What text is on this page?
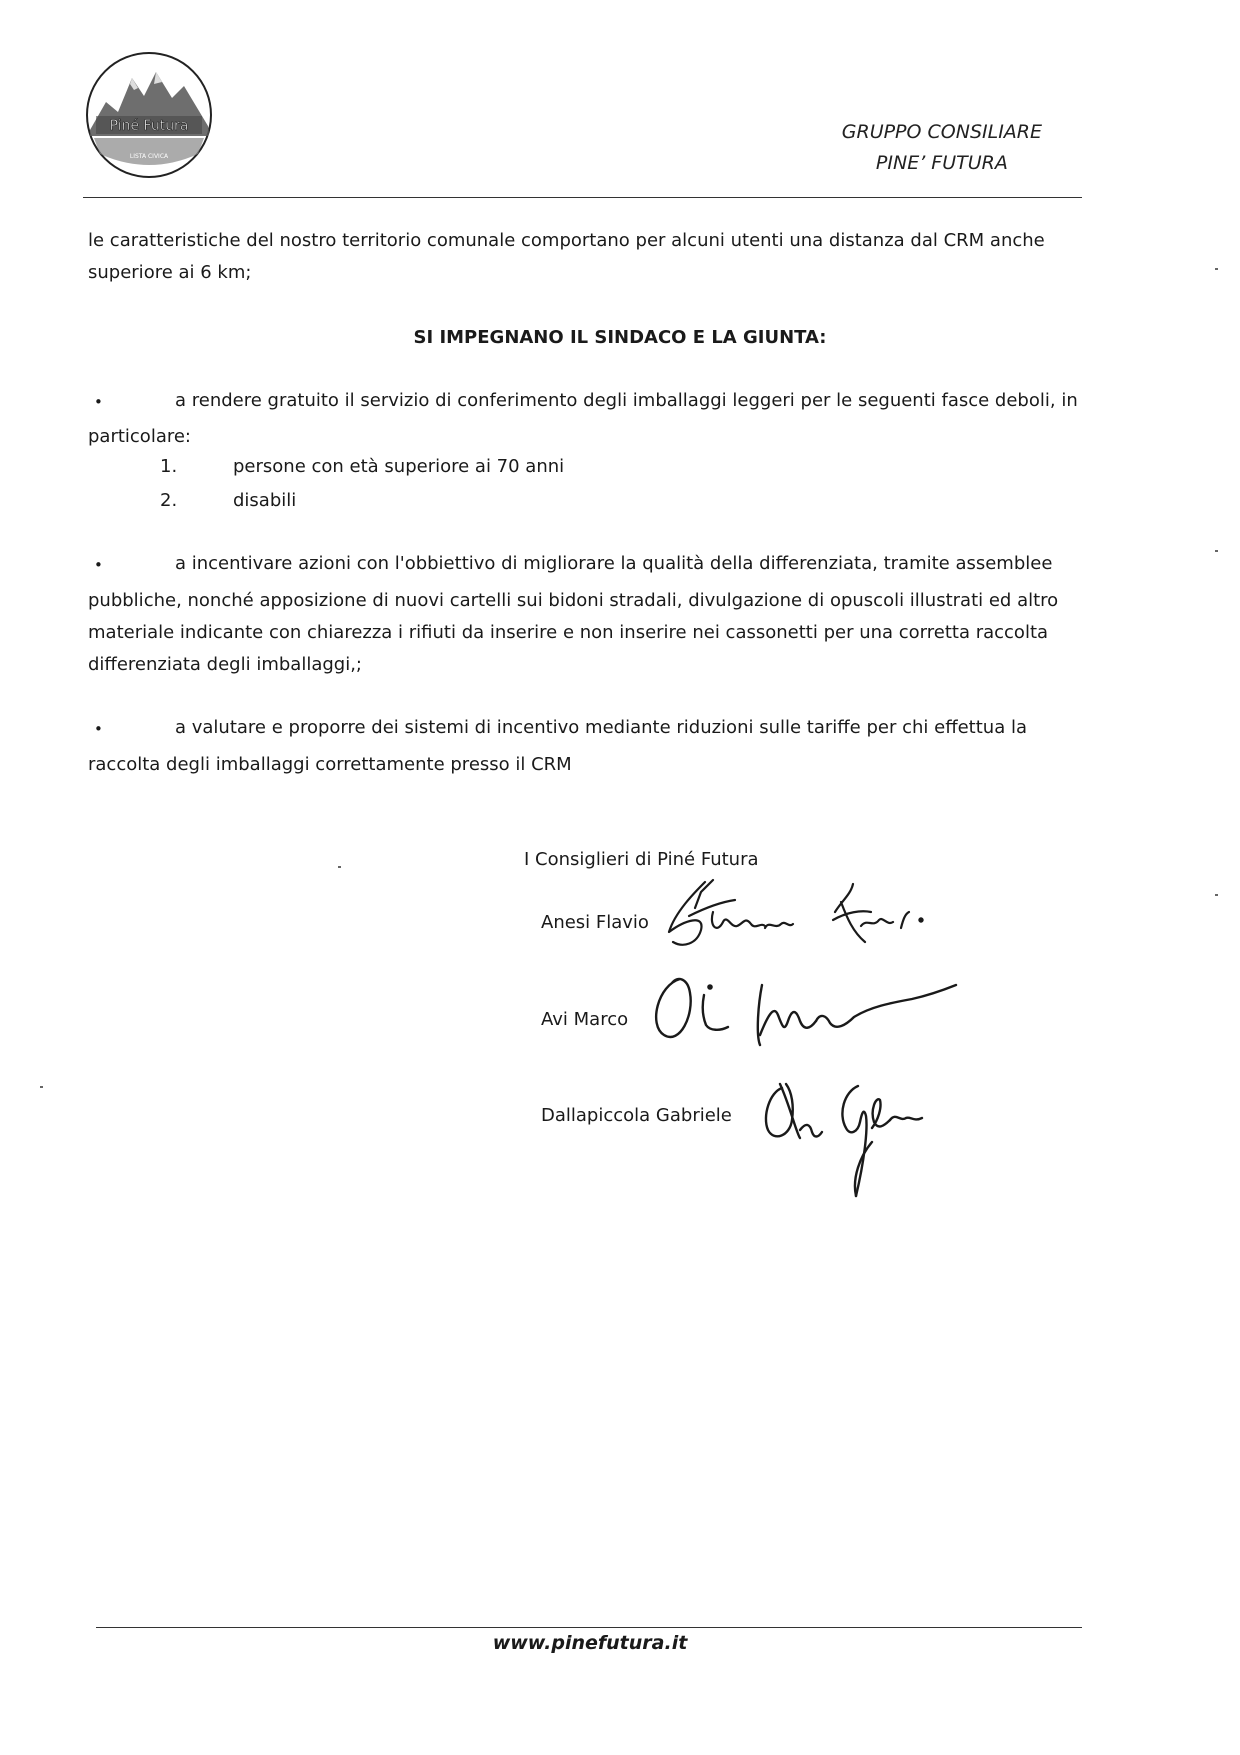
Piné Futura
LISTA CIVICA
GRUPPO CONSILIARE
PINE’ FUTURA
le caratteristiche del nostro territorio comunale comportano per alcuni utenti una distanza dal CRM anche
superiore ai 6 km;
SI IMPEGNANO IL SINDACO E LA GIUNTA:
•	a rendere gratuito il servizio di conferimento degli imballaggi leggeri per le seguenti fasce deboli, in
particolare:
1.	persone con età superiore ai 70 anni
2.	disabili
•	a incentivare azioni con l'obbiettivo di migliorare la qualità della differenziata, tramite assemblee
pubbliche, nonché apposizione di nuovi cartelli sui bidoni stradali, divulgazione di opuscoli illustrati ed altro
materiale indicante con chiarezza i rifiuti da inserire e non inserire nei cassonetti per una corretta raccolta
differenziata degli imballaggi,;
•	a valutare e proporre dei sistemi di incentivo mediante riduzioni sulle tariffe per chi effettua la
raccolta degli imballaggi correttamente presso il CRM
I Consiglieri di Piné Futura
Anesi Flavio
Avi Marco
Dallapiccola Gabriele
www.pinefutura.it
